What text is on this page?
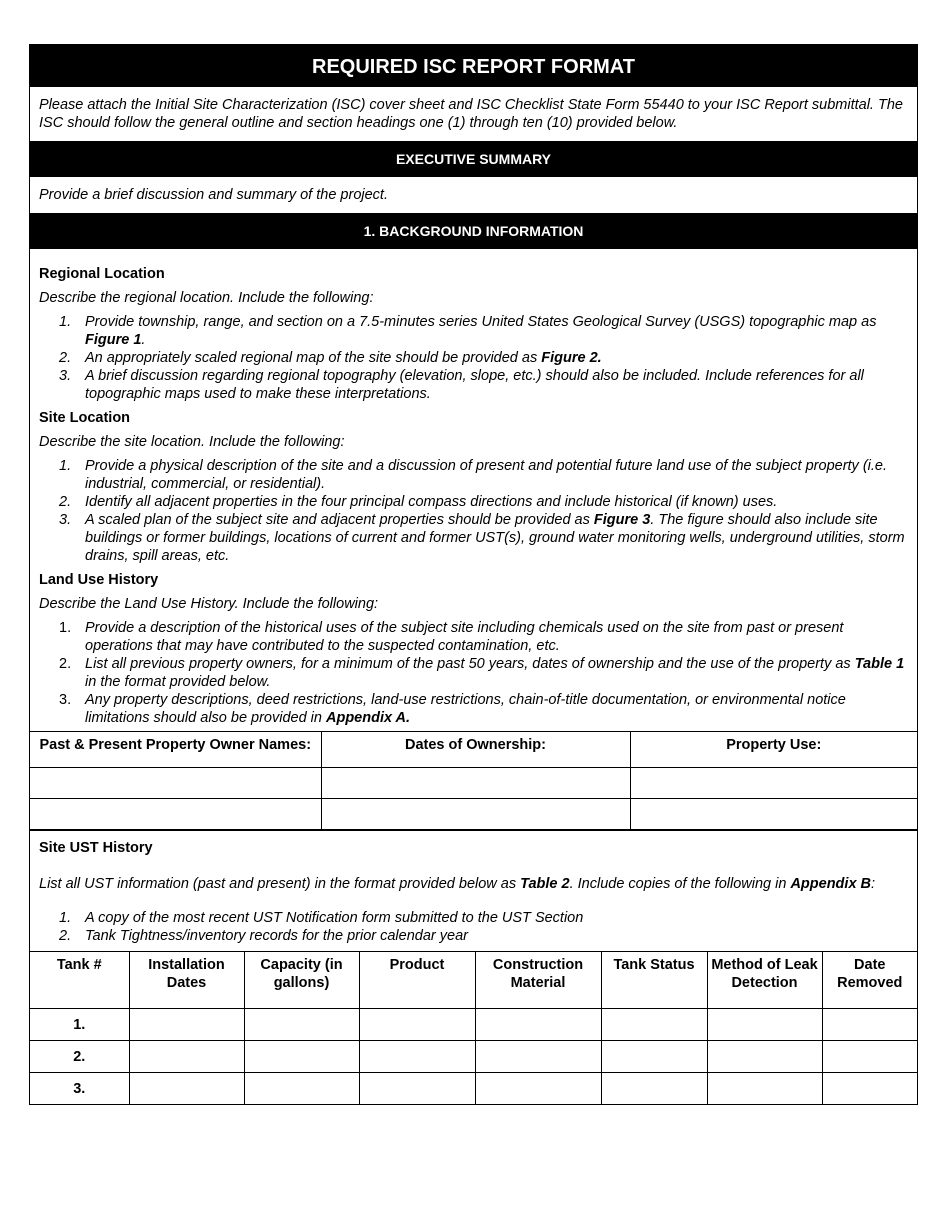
REQUIRED ISC REPORT FORMAT
Please attach the Initial Site Characterization (ISC) cover sheet and ISC Checklist State Form 55440 to your ISC Report submittal. The ISC should follow the general outline and section headings one (1) through ten (10) provided below.
EXECUTIVE SUMMARY
Provide a brief discussion and summary of the project.
1. BACKGROUND INFORMATION

Regional Location

Describe the regional location. Include the following:

1. Provide township, range, and section on a 7.5-minutes series United States Geological Survey (USGS) topographic map as Figure 1.
2. An appropriately scaled regional map of the site should be provided as Figure 2.
3. A brief discussion regarding regional topography (elevation, slope, etc.) should also be included. Include references for all topographic maps used to make these interpretations.

Site Location

Describe the site location. Include the following:

1. Provide a physical description of the site and a discussion of present and potential future land use of the subject property (i.e. industrial, commercial, or residential).
2. Identify all adjacent properties in the four principal compass directions and include historical (if known) uses.
3. A scaled plan of the subject site and adjacent properties should be provided as Figure 3. The figure should also include site buildings or former buildings, locations of current and former UST(s), ground water monitoring wells, underground utilities, storm drains, spill areas, etc.

Land Use History

Describe the Land Use History. Include the following:

1. Provide a description of the historical uses of the subject site including chemicals used on the site from past or present operations that may have contributed to the suspected contamination, etc.
2. List all previous property owners, for a minimum of the past 50 years, dates of ownership and the use of the property as Table 1 in the format provided below.
3. Any property descriptions, deed restrictions, land-use restrictions, chain-of-title documentation, or environmental notice limitations should also be provided in Appendix A.
Past & Present Property Owner Names:	Dates of Ownership:	Property Use:

Site UST History

List all UST information (past and present) in the format provided below as Table 2. Include copies of the following in Appendix B:

1. A copy of the most recent UST Notification form submitted to the UST Section
2. Tank Tightness/inventory records for the prior calendar year
Tank #	Installation Dates	Capacity (in gallons)	Product	Construction Material	Tank Status	Method of Leak Detection	Date Removed
1.							
2.							
3.							
